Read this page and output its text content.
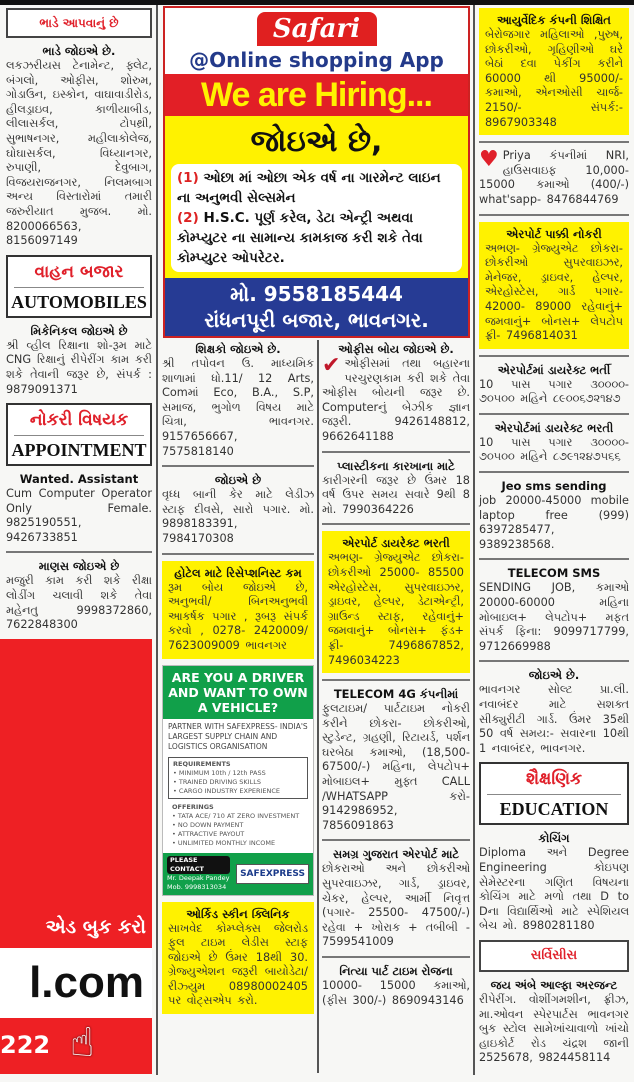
ભાડે આપવાનું છે
ભાડે જોઇએ છે.
લકઝરીયસ ટેનામેન્ટ, ફ્લેટ, બંગલો, ઓફીસ, શોરુમ, ગોડાઉન, ઇસ્કોન, વાઘાવાડીરોડ, હીલડ્રાઇવ, કાળીયાબીડ, લીલાસર્કલ, ટોપથ્રી, સુભાષનગર, મહીલાકોલેજ, ઘોઘાસર્કલ, વિધ્યાનગર, રુપાણી, દેવુબાગ, વિજયરાજનગર, નિલમબાગ અન્ય વિસ્તારોમાં તમારી જરુરીયાત મુજબ. મો. 8200066563, 8156097149
વાહન બજાર
AUTOMOBILES
મિકેનિકલ જોઇએ છે
શ્રી વ્હીલ રિક્ષાના શો-રૂમ માટે CNG રિક્ષાનું રીપેરીંગ કામ કરી શકે તેવાની જરૂર છે, સંપર્ક : 9879091371
નોકરી વિષયક
APPOINTMENT
Wanted. Assistant
Cum Computer Operator Only Female. 9825190551, 9426733851
માણસ જોઇએ છે
મજુરી કામ કરી શકે રીક્ષા લોડીંગ ચલાવી શકે તેવા મહેનતુ 9998372860, 7622848300
એડ બુક કરો
l.com
222 ☝
શિક્ષકો જોઇએ છે.
શ્રી તપોવન ઉ. માધ્યમિક શાળામાં ધો.11/ 12 Arts, Comમાં Eco, B.A., S.P, સમાજ, ભુગોળ વિષય માટે ચિત્રા, ભાવનગર. 9157656667, 7575818140
જોઇએ છે
વૃધ્ધ બાની કેર માટે લેડીઝ સ્ટાફ દીવસે, સારો પગાર. મો. 9898183391, 7984170308
હોટેલ માટે રિસેપ્શનિસ્ટ કમ
રૂમ બોય જોઇએ છે, અનુભવી/ બિનઅનુભવી આકર્ષક પગાર , રૂબરૂ સંપર્ક કરવો , 0278- 2420009/ 7623009009 ભાવનગર
ARE YOU A DRIVER AND WANT TO OWN A VEHICLE?
PARTNER WITH SAFEXPRESS- INDIA'S LARGEST SUPPLY CHAIN AND LOGISTICS ORGANISATION
REQUIREMENTS
• MINIMUM 10th / 12th PASS
• TRAINED DRIVING SKILLS
• CARGO INDUSTRY EXPERIENCE
OFFERINGS
• TATA ACE/ 710 AT ZERO INVESTMENT
• NO DOWN PAYMENT
• ATTRACTIVE PAYOUT
• UNLIMITED MONTHLY INCOME
PLEASE CONTACT
Mr. Deepak Pandey
Mob. 9998313034
SAFEXPRESS
ઓર્કિડ સ્કીન ક્લિનિક
સાખવેદ કોમ્પ્લેક્સ જેલરોડ ફુલ ટાઇમ લેડીસ સ્ટાફ જોઇએ છે ઉંમર 18થી 30. ગ્રેજ્યુએશન જરૂરી બાયોડેટા/ રીઝ્યુમ 08980002405 પર વોટ્સએપ કરો.
ઓફીસ બોય જોઇએ છે.
✔ ઓફીસમાં તથા બહારના પરચુરણકામ કરી શકે તેવા ઓફીસ બોયની જરૂર છે. Computerનું બેઝીક જ્ઞાન જરૂરી. 9426148812, 9662641188
પ્લાસ્ટીકના કારખાના માટે
કારીગરની જરૂર છે ઉંમર 18 વર્ષ ઉપર સમય સવારે 9થી 8 મો. 7990364226
એરપોર્ટ ડાયરેક્ટ ભરતી
અભણ- ગ્રેજ્યુએટ છોકરા- છોકરીઓ 25000- 85500 એરહોસ્ટેસ, સુપરવાઇઝર, ડ્રાઇવર, હેલ્પર, ડેટાએન્ટ્રી, ગ્રાઉન્ડ સ્ટાફ, રહેવાનું+ જમવાનું+ બોનસ+ ફંડ+ ફ્રી- 7496867852, 7496034223
TELECOM 4G કંપનીમાં
ફુલટાઇમ/ પાર્ટટાઇમ નોકરી કરીને છોકરા- છોકરીઓ, સ્ટુડેન્ટ, ગ્રહણી, રિટાયર્ડ, પર્શન ઘરબેઠા કમાઓ, (18,500- 67500/-) મહિના, લેપટોપ+ મોબાઇલ+ મુફ્ત CALL /WHATSAPP કરો- 9142986952, 7856091863
સમગ્ર ગુજરાત એરપોર્ટ માટે
છોકરાઓ અને છોકરીઓ સુપરવાઇઝર, ગાર્ડ, ડ્રાઇવર, ચેકર, હેલ્પર, આર્મી નિવૃત્ત (પગાર- 25500- 47500/-) રહેવા + ખોરાક + તબીબી - 7599541009
નિત્યા પાર્ટ ટાઇમ રોજના
10000- 15000 કમાઓ, (ફીસ 300/-) 8690943146
આયુર્વેદિક કંપની શિક્ષિત
બેરોજગાર મહિલાઓ ,પુરુષ, છોકરીઓ, ગૃહિણીઓ ઘરે બેઠાં દવા પેકીંગ કરીને 60000 થી 95000/- કમાઓ, એનઓસી ચાર્જ- 2150/- સંપર્ક:- 8967903348
♥ Priya કંપનીમાં NRI, હાઉસવાઇફ 10,000- 15000 કમાઓ (400/-) what'sapp- 8476844769
એરપોર્ટ પાક્કી નોકરી
અભણ- ગ્રેજ્યુએટ છોકરા- છોકરીઓ સુપરવાઇઝર, મેનેજર, ડ્રાઇવર, હેલ્પર, એરહોસ્ટેસ, ગાર્ડ પગાર- 42000- 89000 રહેવાનું+ જમવાનું+ બોનસ+ લેપટોપ ફ્રી- 7496814031
એરપોર્ટમાં ડાયરેક્ટ ભર્તી
10 પાસ પગાર ૩૦૦૦૦- ૭૦૫૦૦ મહિને ૮૯૦૦૬૭૨૧૪૭
એરપોર્ટમાં ડાયરેક્ટ ભરતી
10 પાસ પગાર ૩૦૦૦૦- ૭૦૫૦૦ મહિને ૮૭૯૧૨૪૭૫૬૬
Jeo sms sending
job 20000-45000 mobile laptop free (999) 6397285477, 9389238568.
TELECOM SMS
SENDING JOB, કમાઓ 20000-60000 મહિના મોબાઇલ+ લેપટોપ+ મફત સંપર્ક ફિના: 9099717799, 9712669988
જોઇએ છે.
ભાવનગર સોલ્ટ પ્રા.લી. નવાબંદર માટે સશક્ત સીક્યુરીટી ગાર્ડ. ઉંમર 35થી 50 વર્ષ સમય:- સવારના 10થી 1 નવાબંદર, ભાવનગર.
શૈક્ષણિક
EDUCATION
કોચિંગ
Diploma અને Degree Engineering કોઇપણ સેમેસ્ટરના ગણિત વિષયના કોચિંગ માટે મળો તથા D to Dના વિદ્યાર્થિઓ માટે સ્પેશિયલ બેચ મો. 8980281180
સર્વિસીસ
જય અંબે આલ્ફા અરજન્ટ
રીપેરીંગ. વોશીંગમશીન, ફ્રીઝ, મા.ઓવન સ્પેરપાર્ટસ ભાવનગર બુક સ્ટોલ સામેખાંચાવાળો ખાંચો હાઇકોર્ટ રોડ ચંદ્રશ જાની 2525678, 9824458114
Safari
@Online shopping App
We are Hiring...
જોઇએ છે,
(1) ઓછા માં ઓછા એક વર્ષ ના ગારમેન્ટ લાઇન ના અનુભવી સેલ્સમેન
(2) H.S.C. પૂર્ણ કરેલ, ડેટા એન્ટ્રી અથવા કોમ્પ્યુટર ના સામાન્ય કામકાજ કરી શકે તેવા કોમ્પ્યુટર ઓપરેટર.
મો. 9558185444
રાંધનપૂરી બજાર, ભાવનગર.
